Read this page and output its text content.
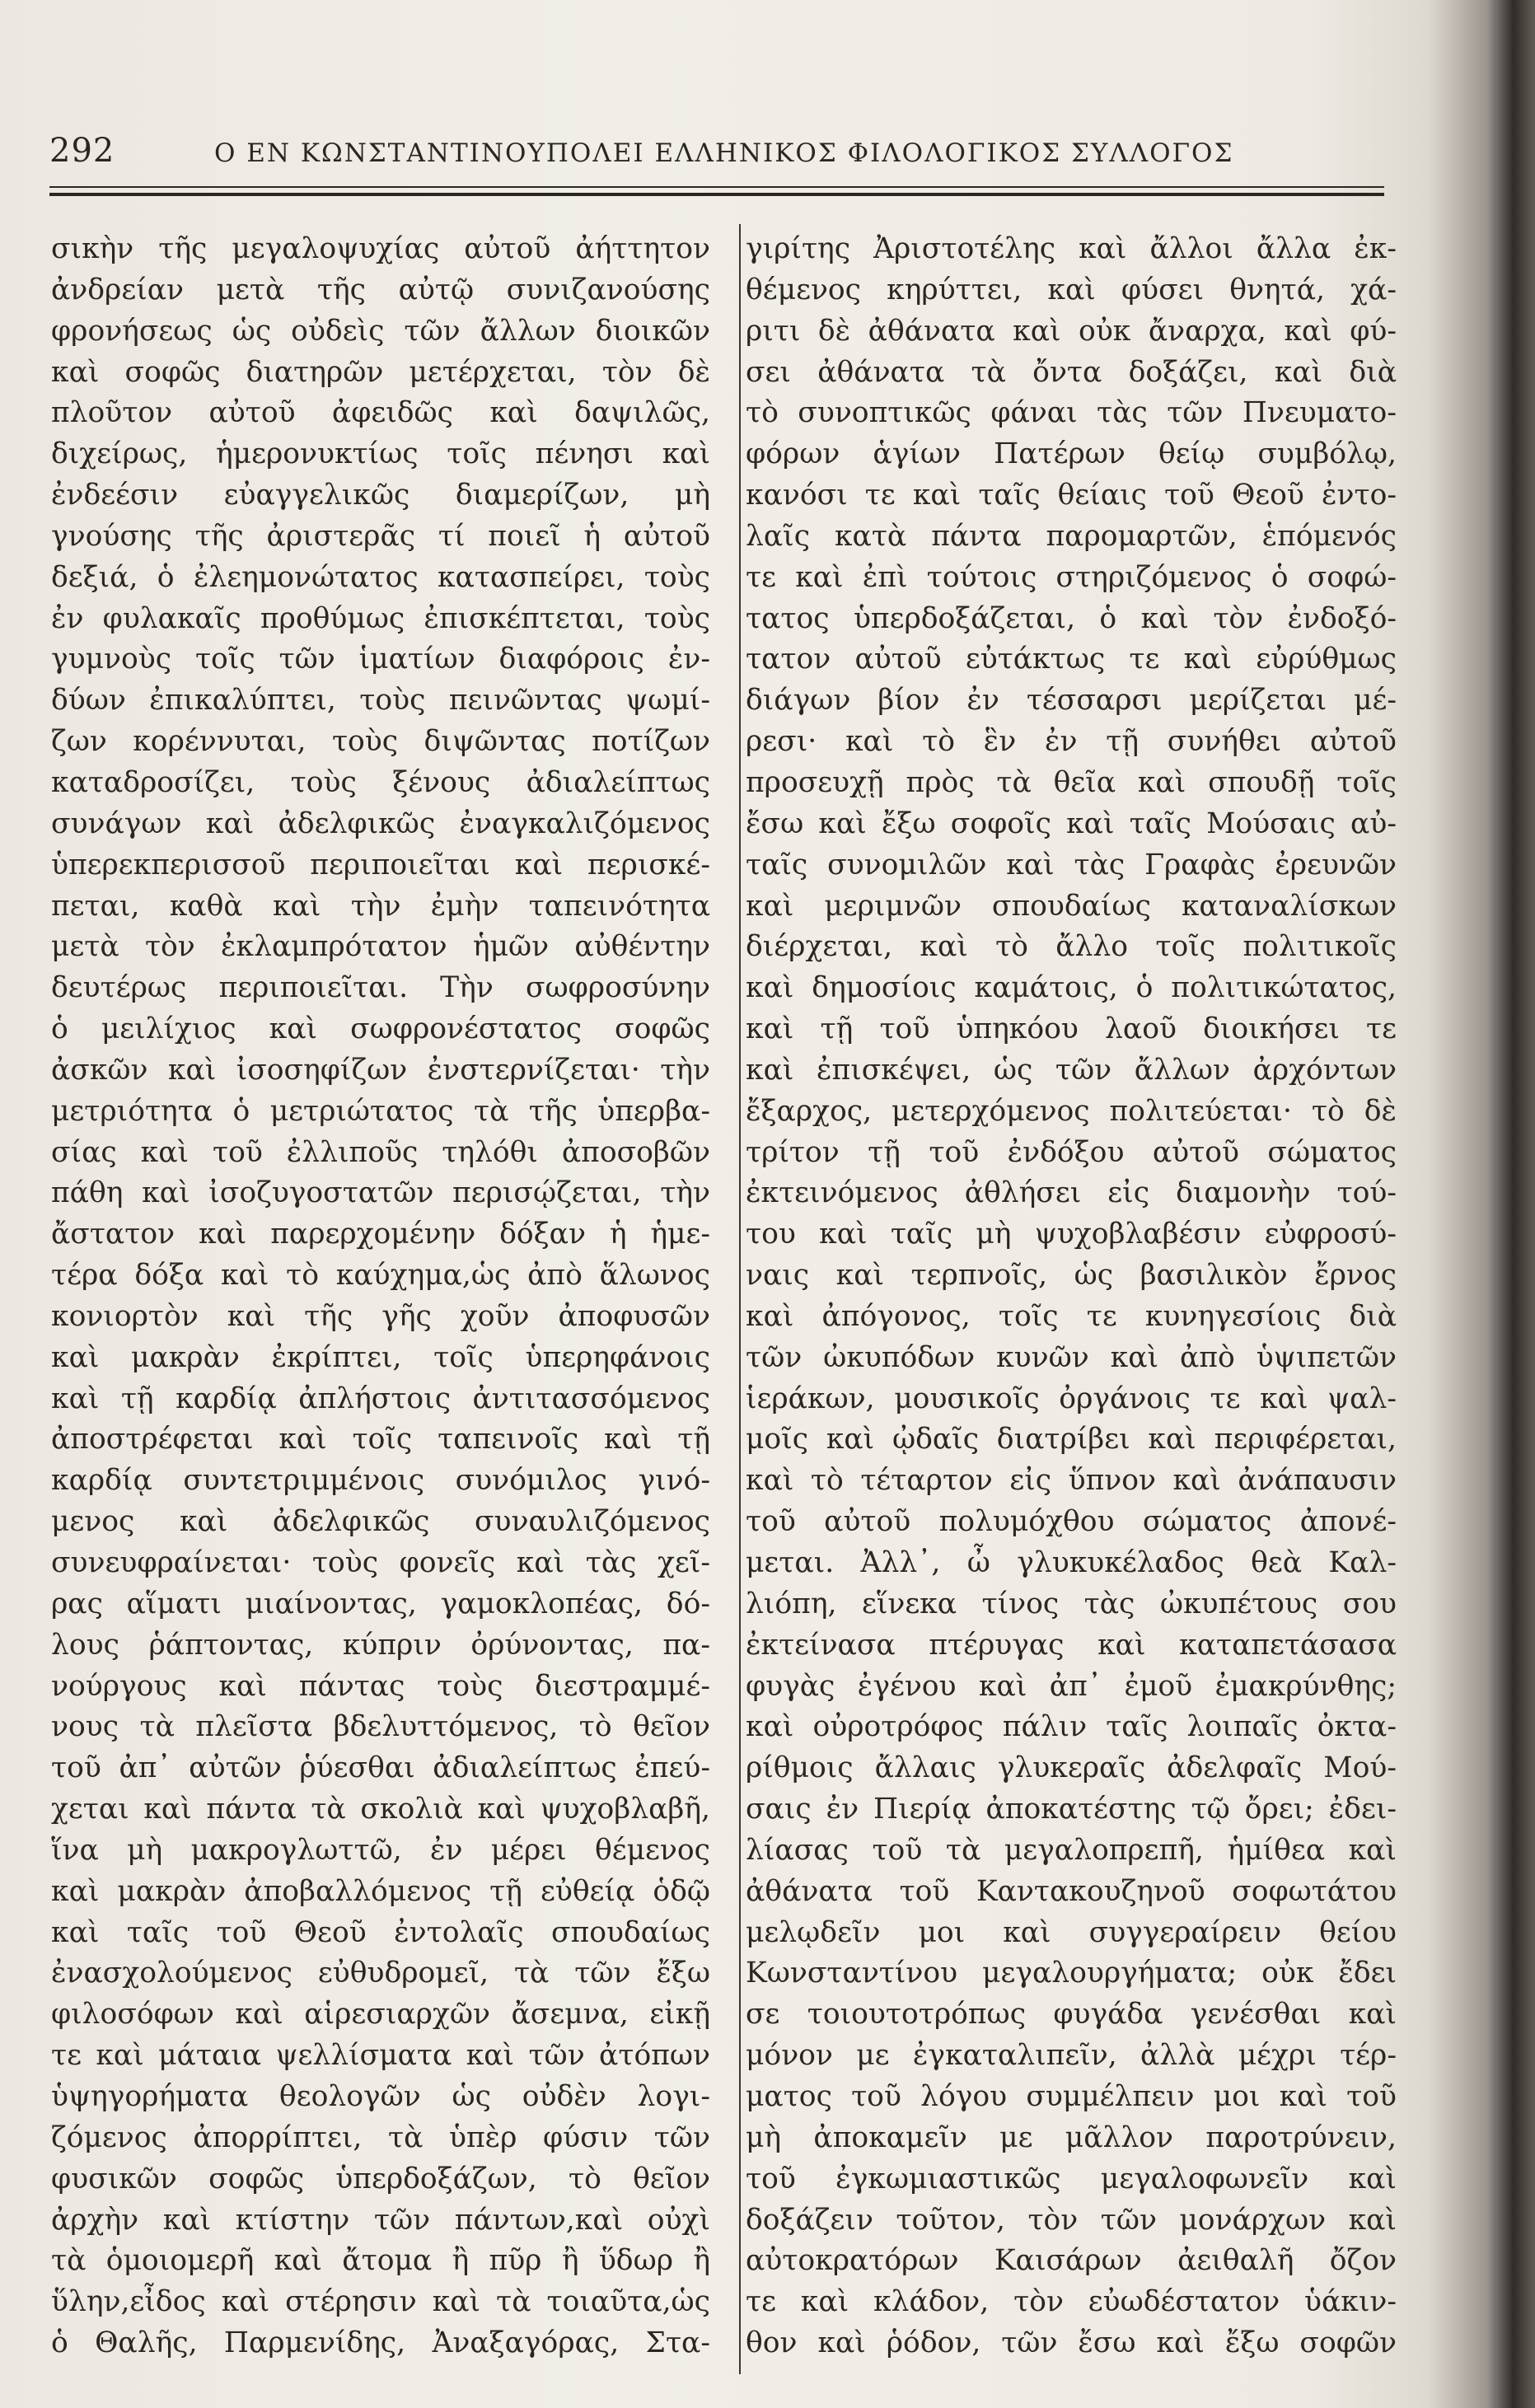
292	Ο ΕΝ ΚΩΝΣΤΑΝΤΙΝΟΥΠΟΛΕΙ ΕΛΛΗΝΙΚΟΣ ΦΙΛΟΛΟΓΙΚΟΣ ΣΥΛΛΟΓΟΣ
σικὴν τῆς μεγαλοψυχίας αὐτοῦ ἀήττητον
ἀνδρείαν μετὰ τῆς αὐτῷ συνιζανούσης
φρονήσεως ὡς οὐδεὶς τῶν ἄλλων διοικῶν
καὶ σοφῶς διατηρῶν μετέρχεται, τὸν δὲ
πλοῦτον αὐτοῦ ἀφειδῶς καὶ δαψιλῶς,
διχείρως, ἡμερονυκτίως τοῖς πένησι καὶ
ἐνδεέσιν εὐαγγελικῶς διαμερίζων, μὴ
γνούσης τῆς ἀριστερᾶς τί ποιεῖ ἡ αὐτοῦ
δεξιά, ὁ ἐλεημονώτατος κατασπείρει, τοὺς
ἐν φυλακαῖς προθύμως ἐπισκέπτεται, τοὺς
γυμνοὺς τοῖς τῶν ἱματίων διαφόροις ἐν-
δύων ἐπικαλύπτει, τοὺς πεινῶντας ψωμί-
ζων κορέννυται, τοὺς διψῶντας ποτίζων
καταδροσίζει, τοὺς ξένους ἀδιαλείπτως
συνάγων καὶ ἀδελφικῶς ἐναγκαλιζόμενος
ὑπερεκπερισσοῦ περιποιεῖται καὶ περισκέ-
πεται, καθὰ καὶ τὴν ἐμὴν ταπεινότητα
μετὰ τὸν ἐκλαμπρότατον ἡμῶν αὐθέντην
δευτέρως περιποιεῖται. Τὴν σωφροσύνην
ὁ μειλίχιος καὶ σωφρονέστατος σοφῶς
ἀσκῶν καὶ ἰσοσηφίζων ἐνστερνίζεται· τὴν
μετριότητα ὁ μετριώτατος τὰ τῆς ὑπερβα-
σίας καὶ τοῦ ἐλλιποῦς τηλόθι ἀποσοβῶν
πάθη καὶ ἰσοζυγοστατῶν περισῴζεται, τὴν
ἄστατον καὶ παρερχομένην δόξαν ἡ ἡμε-
τέρα δόξα καὶ τὸ καύχημα,ὡς ἀπὸ ἅλωνος
κονιορτὸν καὶ τῆς γῆς χοῦν ἀποφυσῶν
καὶ μακρὰν ἐκρίπτει, τοῖς ὑπερηφάνοις
καὶ τῇ καρδίᾳ ἀπλήστοις ἀντιτασσόμενος
ἀποστρέφεται καὶ τοῖς ταπεινοῖς καὶ τῇ
καρδίᾳ συντετριμμένοις συνόμιλος γινό-
μενος καὶ ἀδελφικῶς συναυλιζόμενος
συνευφραίνεται· τοὺς φονεῖς καὶ τὰς χεῖ-
ρας αἵματι μιαίνοντας, γαμοκλοπέας, δό-
λους ῥάπτοντας, κύπριν ὀρύνοντας, πα-
νούργους καὶ πάντας τοὺς διεστραμμέ-
νους τὰ πλεῖστα βδελυττόμενος, τὸ θεῖον
τοῦ ἀπ᾽ αὐτῶν ῥύεσθαι ἀδιαλείπτως ἐπεύ-
χεται καὶ πάντα τὰ σκολιὰ καὶ ψυχοβλαβῆ,
ἵνα μὴ μακρογλωττῶ, ἐν μέρει θέμενος
καὶ μακρὰν ἀποβαλλόμενος τῇ εὐθείᾳ ὁδῷ
καὶ ταῖς τοῦ Θεοῦ ἐντολαῖς σπουδαίως
ἐνασχολούμενος εὐθυδρομεῖ, τὰ τῶν ἔξω
φιλοσόφων καὶ αἱρεσιαρχῶν ἄσεμνα, εἰκῇ
τε καὶ μάταια ψελλίσματα καὶ τῶν ἀτόπων
ὑψηγορήματα θεολογῶν ὡς οὐδὲν λογι-
ζόμενος ἀπορρίπτει, τὰ ὑπὲρ φύσιν τῶν
φυσικῶν σοφῶς ὑπερδοξάζων, τὸ θεῖον
ἀρχὴν καὶ κτίστην τῶν πάντων,καὶ οὐχὶ
τὰ ὁμοιομερῆ καὶ ἄτομα ἢ πῦρ ἢ ὕδωρ ἢ
ὕλην,εἶδος καὶ στέρησιν καὶ τὰ τοιαῦτα,ὡς
ὁ Θαλῆς, Παρμενίδης, Ἀναξαγόρας, Στα-
γιρίτης Ἀριστοτέλης καὶ ἄλλοι ἄλλα ἐκ-
θέμενος κηρύττει, καὶ φύσει θνητά, χά-
ριτι δὲ ἀθάνατα καὶ οὐκ ἄναρχα, καὶ φύ-
σει ἀθάνατα τὰ ὄντα δοξάζει, καὶ διὰ
τὸ συνοπτικῶς φάναι τὰς τῶν Πνευματο-
φόρων ἁγίων Πατέρων θείῳ συμβόλῳ,
κανόσι τε καὶ ταῖς θείαις τοῦ Θεοῦ ἐντο-
λαῖς κατὰ πάντα παρομαρτῶν, ἑπόμενός
τε καὶ ἐπὶ τούτοις στηριζόμενος ὁ σοφώ-
τατος ὑπερδοξάζεται, ὁ καὶ τὸν ἐνδοξό-
τατον αὐτοῦ εὐτάκτως τε καὶ εὐρύθμως
διάγων βίον ἐν τέσσαρσι μερίζεται μέ-
ρεσι· καὶ τὸ ἓν ἐν τῇ συνήθει αὐτοῦ
προσευχῇ πρὸς τὰ θεῖα καὶ σπουδῇ τοῖς
ἔσω καὶ ἔξω σοφοῖς καὶ ταῖς Μούσαις αὐ-
ταῖς συνομιλῶν καὶ τὰς Γραφὰς ἐρευνῶν
καὶ μεριμνῶν σπουδαίως καταναλίσκων
διέρχεται, καὶ τὸ ἄλλο τοῖς πολιτικοῖς
καὶ δημοσίοις καμάτοις, ὁ πολιτικώτατος,
καὶ τῇ τοῦ ὑπηκόου λαοῦ διοικήσει τε
καὶ ἐπισκέψει, ὡς τῶν ἄλλων ἀρχόντων
ἔξαρχος, μετερχόμενος πολιτεύεται· τὸ δὲ
τρίτον τῇ τοῦ ἐνδόξου αὐτοῦ σώματος
ἐκτεινόμενος ἀθλήσει εἰς διαμονὴν τού-
του καὶ ταῖς μὴ ψυχοβλαβέσιν εὐφροσύ-
ναις καὶ τερπνοῖς, ὡς βασιλικὸν ἔρνος
καὶ ἀπόγονος, τοῖς τε κυνηγεσίοις διὰ
τῶν ὠκυπόδων κυνῶν καὶ ἀπὸ ὑψιπετῶν
ἱεράκων, μουσικοῖς ὀργάνοις τε καὶ ψαλ-
μοῖς καὶ ᾠδαῖς διατρίβει καὶ περιφέρεται,
καὶ τὸ τέταρτον εἰς ὕπνον καὶ ἀνάπαυσιν
τοῦ αὐτοῦ πολυμόχθου σώματος ἀπονέ-
μεται. Ἀλλ᾽, ὦ γλυκυκέλαδος θεὰ Καλ-
λιόπη, εἵνεκα τίνος τὰς ὠκυπέτους σου
ἐκτείνασα πτέρυγας καὶ καταπετάσασα
φυγὰς ἐγένου καὶ ἀπ᾽ ἐμοῦ ἐμακρύνθης;
καὶ οὐροτρόφος πάλιν ταῖς λοιπαῖς ὀκτα-
ρίθμοις ἄλλαις γλυκεραῖς ἀδελφαῖς Μού-
σαις ἐν Πιερίᾳ ἀποκατέστης τῷ ὄρει; ἐδει-
λίασας τοῦ τὰ μεγαλοπρεπῆ, ἡμίθεα καὶ
ἀθάνατα τοῦ Καντακουζηνοῦ σοφωτάτου
μελῳδεῖν μοι καὶ συγγεραίρειν θείου
Κωνσταντίνου μεγαλουργήματα; οὐκ ἔδει
σε τοιουτοτρόπως φυγάδα γενέσθαι καὶ
μόνον με ἐγκαταλιπεῖν, ἀλλὰ μέχρι τέρ-
ματος τοῦ λόγου συμμέλπειν μοι καὶ τοῦ
μὴ ἀποκαμεῖν με μᾶλλον παροτρύνειν,
τοῦ ἐγκωμιαστικῶς μεγαλοφωνεῖν καὶ
δοξάζειν τοῦτον, τὸν τῶν μονάρχων καὶ
αὐτοκρατόρων Καισάρων ἀειθαλῆ ὄζον
τε καὶ κλάδον, τὸν εὐωδέστατον ὑάκιν-
θον καὶ ῥόδον, τῶν ἔσω καὶ ἔξω σοφῶν
